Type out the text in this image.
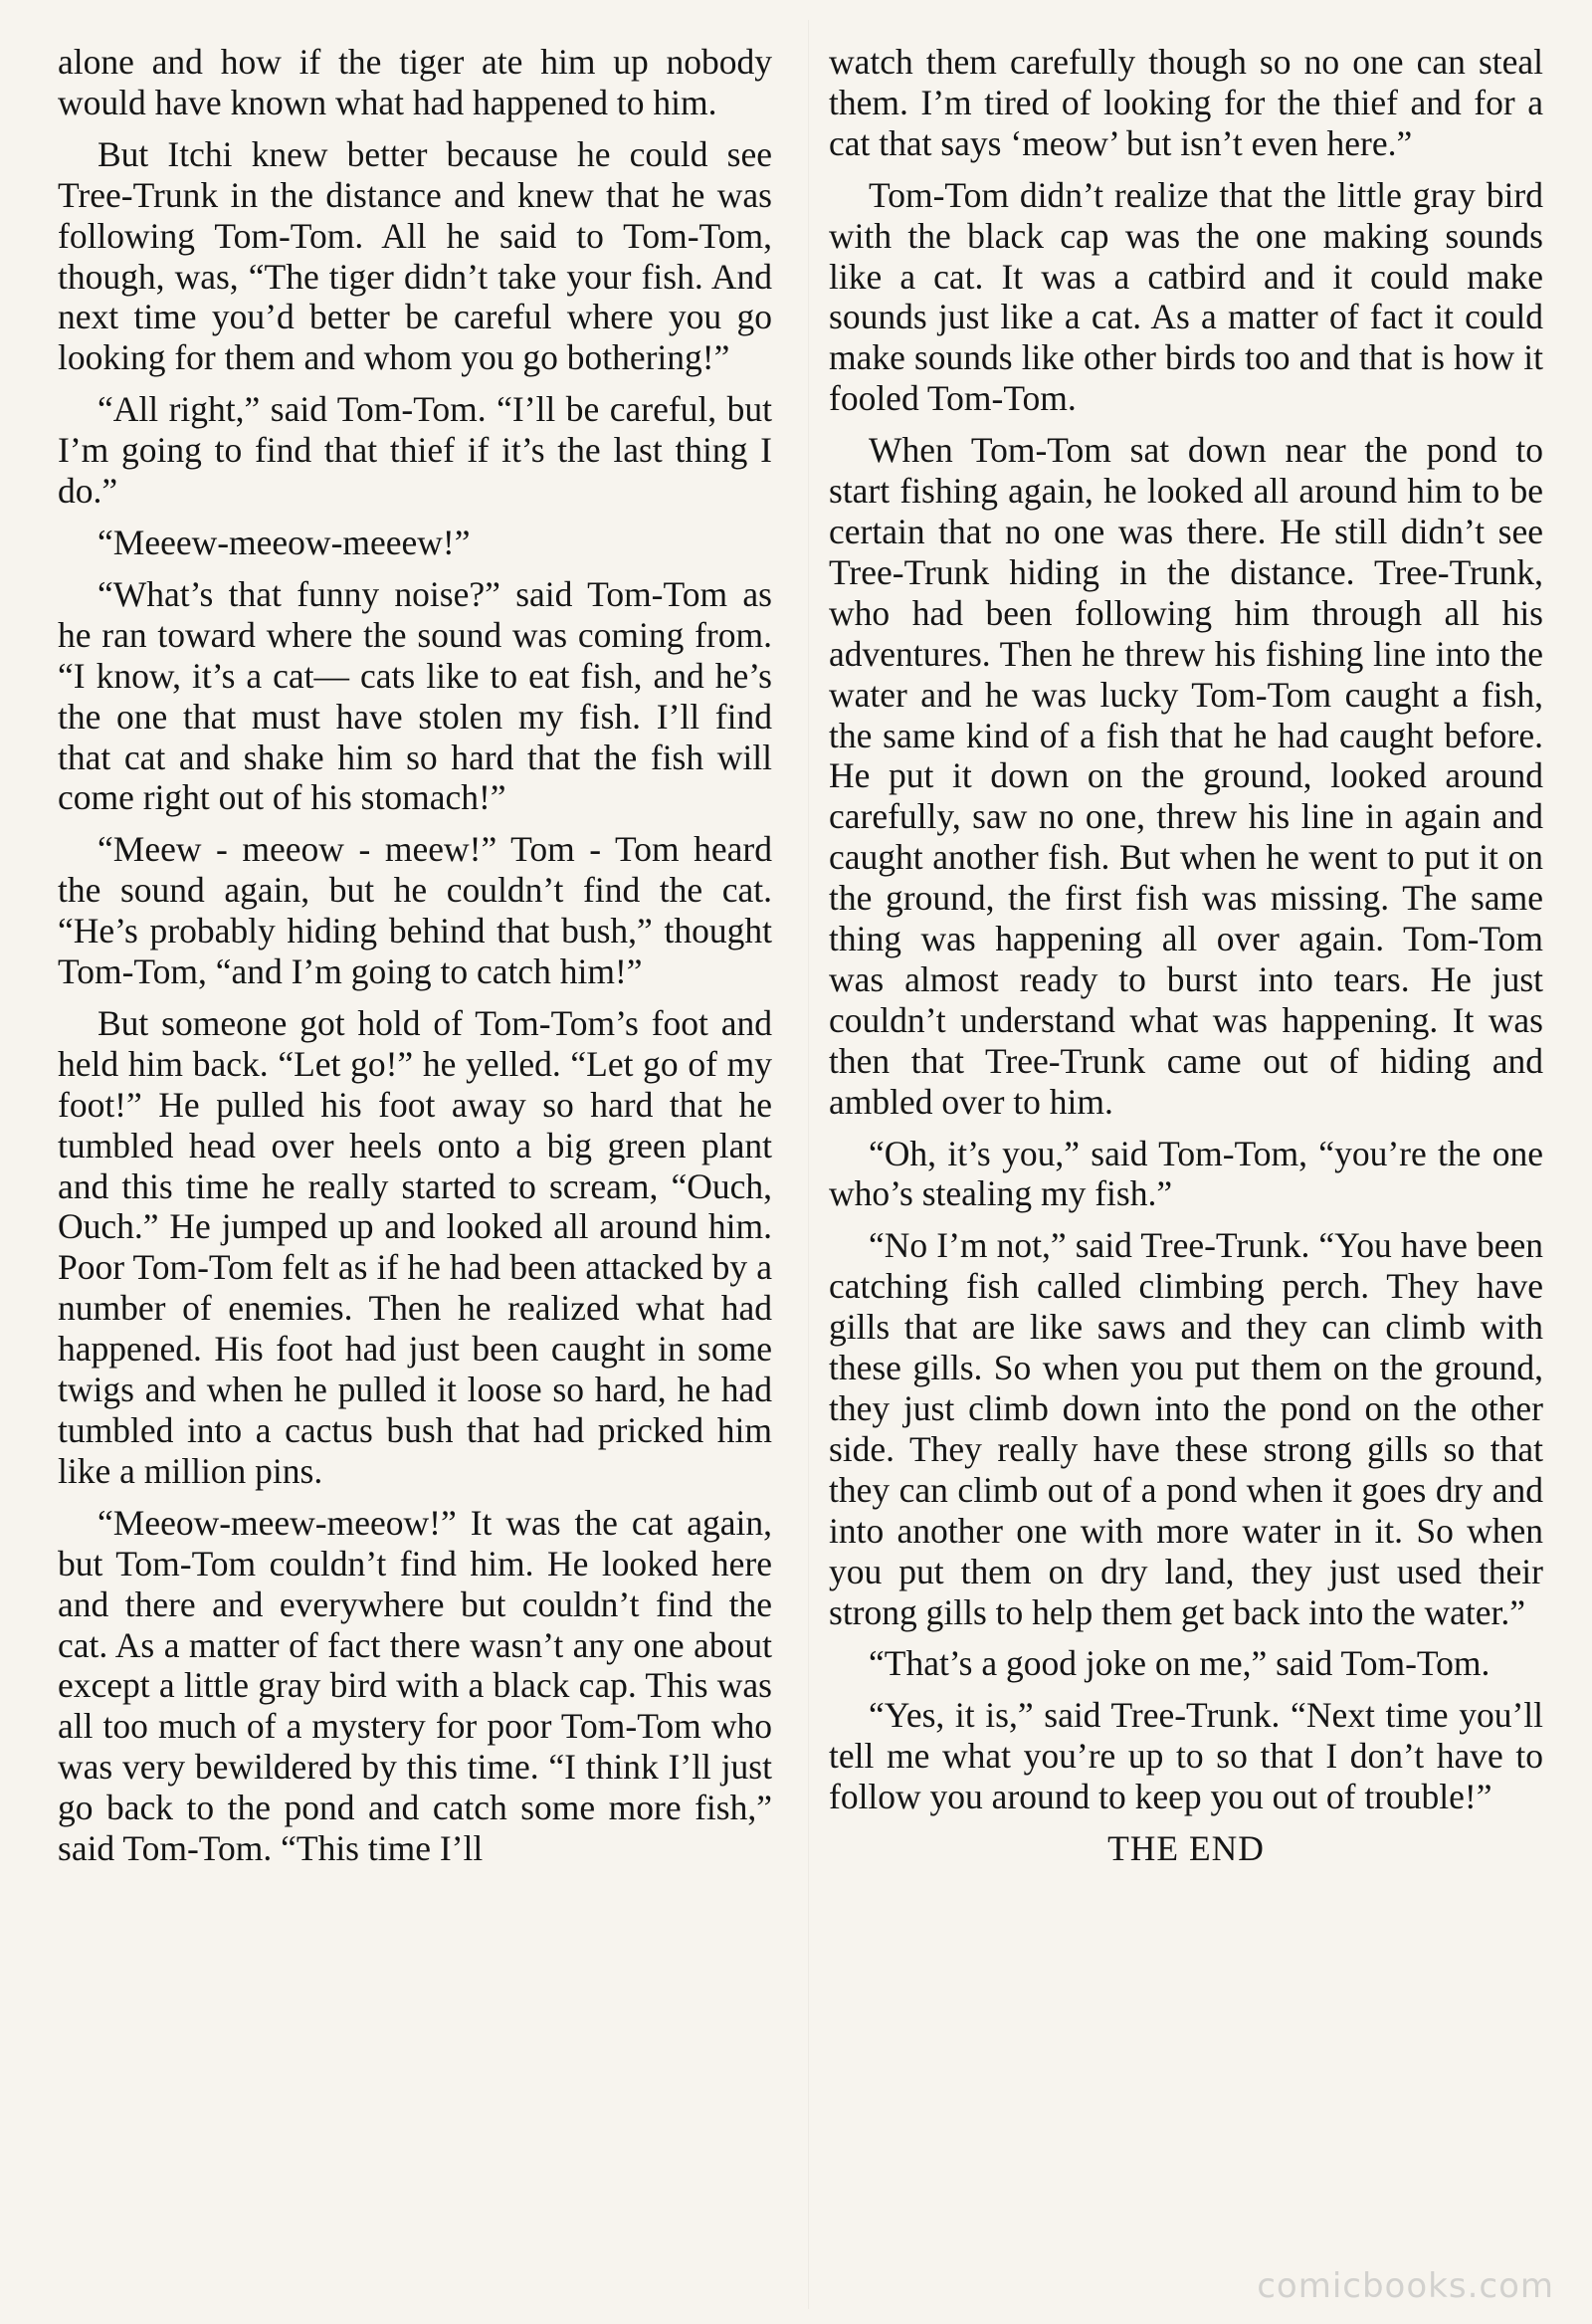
alone and how if the tiger ate him up nobody would have known what had happened to him.

But Itchi knew better because he could see Tree-Trunk in the distance and knew that he was following Tom-Tom. All he said to Tom-Tom, though, was, “The tiger didn’t take your fish. And next time you’d better be careful where you go looking for them and whom you go bothering!”

“All right,” said Tom-Tom. “I’ll be careful, but I’m going to find that thief if it’s the last thing I do.”

“Meeew-meeow-meeew!”

“What’s that funny noise?” said Tom-Tom as he ran toward where the sound was coming from. “I know, it’s a cat— cats like to eat fish, and he’s the one that must have stolen my fish. I’ll find that cat and shake him so hard that the fish will come right out of his stomach!”

“Meew - meeow - meew!” Tom - Tom heard the sound again, but he couldn’t find the cat. “He’s probably hiding behind that bush,” thought Tom-Tom, “and I’m going to catch him!”

But someone got hold of Tom-Tom’s foot and held him back. “Let go!” he yelled. “Let go of my foot!” He pulled his foot away so hard that he tumbled head over heels onto a big green plant and this time he really started to scream, “Ouch, Ouch.” He jumped up and looked all around him. Poor Tom-Tom felt as if he had been attacked by a number of enemies. Then he realized what had happened. His foot had just been caught in some twigs and when he pulled it loose so hard, he had tumbled into a cactus bush that had pricked him like a million pins.

“Meeow-meew-meeow!” It was the cat again, but Tom-Tom couldn’t find him. He looked here and there and everywhere but couldn’t find the cat. As a matter of fact there wasn’t any one about except a little gray bird with a black cap. This was all too much of a mystery for poor Tom-Tom who was very bewildered by this time. “I think I’ll just go back to the pond and catch some more fish,” said Tom-Tom. “This time I’ll

watch them carefully though so no one can steal them. I’m tired of looking for the thief and for a cat that says ‘meow’ but isn’t even here.”

Tom-Tom didn’t realize that the little gray bird with the black cap was the one making sounds like a cat. It was a catbird and it could make sounds just like a cat. As a matter of fact it could make sounds like other birds too and that is how it fooled Tom-Tom.

When Tom-Tom sat down near the pond to start fishing again, he looked all around him to be certain that no one was there. He still didn’t see Tree-Trunk hiding in the distance. Tree-Trunk, who had been following him through all his adventures. Then he threw his fishing line into the water and he was lucky Tom-Tom caught a fish, the same kind of a fish that he had caught before. He put it down on the ground, looked around carefully, saw no one, threw his line in again and caught another fish. But when he went to put it on the ground, the first fish was missing. The same thing was happening all over again. Tom-Tom was almost ready to burst into tears. He just couldn’t understand what was happening. It was then that Tree-Trunk came out of hiding and ambled over to him.

“Oh, it’s you,” said Tom-Tom, “you’re the one who’s stealing my fish.”

“No I’m not,” said Tree-Trunk. “You have been catching fish called climbing perch. They have gills that are like saws and they can climb with these gills. So when you put them on the ground, they just climb down into the pond on the other side. They really have these strong gills so that they can climb out of a pond when it goes dry and into another one with more water in it. So when you put them on dry land, they just used their strong gills to help them get back into the water.”

“That’s a good joke on me,” said Tom-Tom.

“Yes, it is,” said Tree-Trunk. “Next time you’ll tell me what you’re up to so that I don’t have to follow you around to keep you out of trouble!”

THE END

comicbooks.com
